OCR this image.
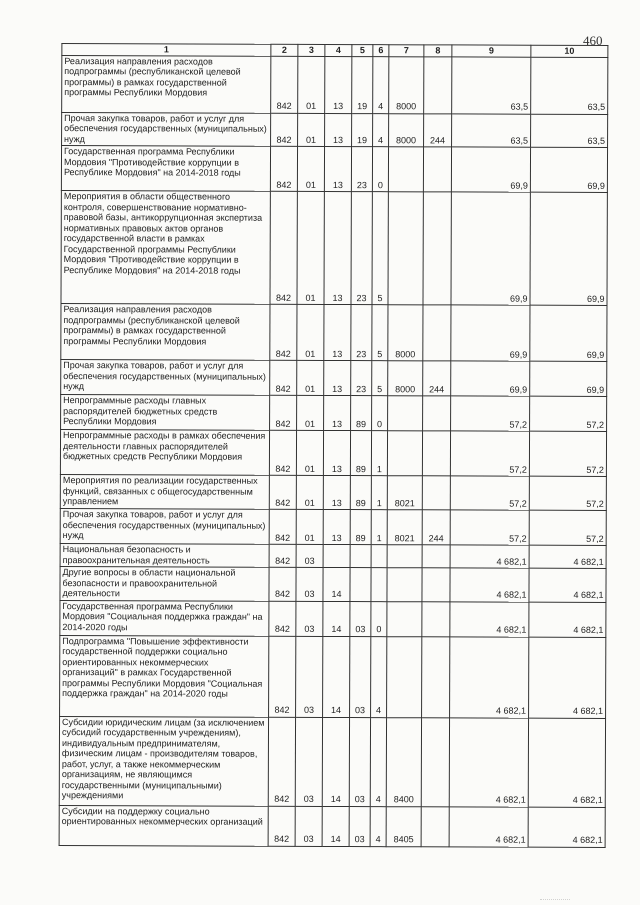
460
1	2	3	4	5	6	7	8	9	10
Реализация направления расходов подпрограммы (республиканской целевой программы) в рамках государственной программы Республики Мордовия	842	01	13	19	4	8000		63,5	63,5
Прочая закупка товаров, работ и услуг для обеспечения государственных (муниципальных) нужд	842	01	13	19	4	8000	244	63,5	63,5
Государственная программа Республики Мордовия "Противодействие коррупции в Республике Мордовия" на 2014-2018 годы	842	01	13	23	0			69,9	69,9
Мероприятия в области общественного контроля, совершенствование нормативно-правовой базы, антикоррупционная экспертиза нормативных правовых актов органов государственной власти в рамках Государственной программы Республики Мордовия "Противодействие коррупции в Республике Мордовия" на 2014-2018 годы	842	01	13	23	5			69,9	69,9
Реализация направления расходов подпрограммы (республиканской целевой программы) в рамках государственной программы Республики Мордовия	842	01	13	23	5	8000		69,9	69,9
Прочая закупка товаров, работ и услуг для обеспечения государственных (муниципальных) нужд	842	01	13	23	5	8000	244	69,9	69,9
Непрограммные расходы главных распорядителей бюджетных средств Республики Мордовия	842	01	13	89	0			57,2	57,2
Непрограммные расходы в рамках обеспечения деятельности главных распорядителей бюджетных средств Республики Мордовия	842	01	13	89	1			57,2	57,2
Мероприятия по реализации государственных функций, связанных с общегосударственным управлением	842	01	13	89	1	8021		57,2	57,2
Прочая закупка товаров, работ и услуг для обеспечения государственных (муниципальных) нужд	842	01	13	89	1	8021	244	57,2	57,2
Национальная безопасность и правоохранительная деятельность	842	03						4 682,1	4 682,1
Другие вопросы в области национальной безопасности и правоохранительной деятельности	842	03	14					4 682,1	4 682,1
Государственная программа Республики Мордовия "Социальная поддержка граждан" на 2014-2020 годы	842	03	14	03	0			4 682,1	4 682,1
Подпрограмма "Повышение эффективности государственной поддержки социально ориентированных некоммерческих организаций" в рамках Государственной программы Республики Мордовия "Социальная поддержка граждан" на 2014-2020 годы	842	03	14	03	4			4 682,1	4 682,1
Субсидии юридическим лицам (за исключением субсидий государственным учреждениям), индивидуальным предпринимателям, физическим лицам - производителям товаров, работ, услуг, а также некоммерческим организациям, не являющимся государственными (муниципальными) учреждениями	842	03	14	03	4	8400		4 682,1	4 682,1
Субсидии на поддержку социально ориентированных некоммерческих организаций	842	03	14	03	4	8405		4 682,1	4 682,1
